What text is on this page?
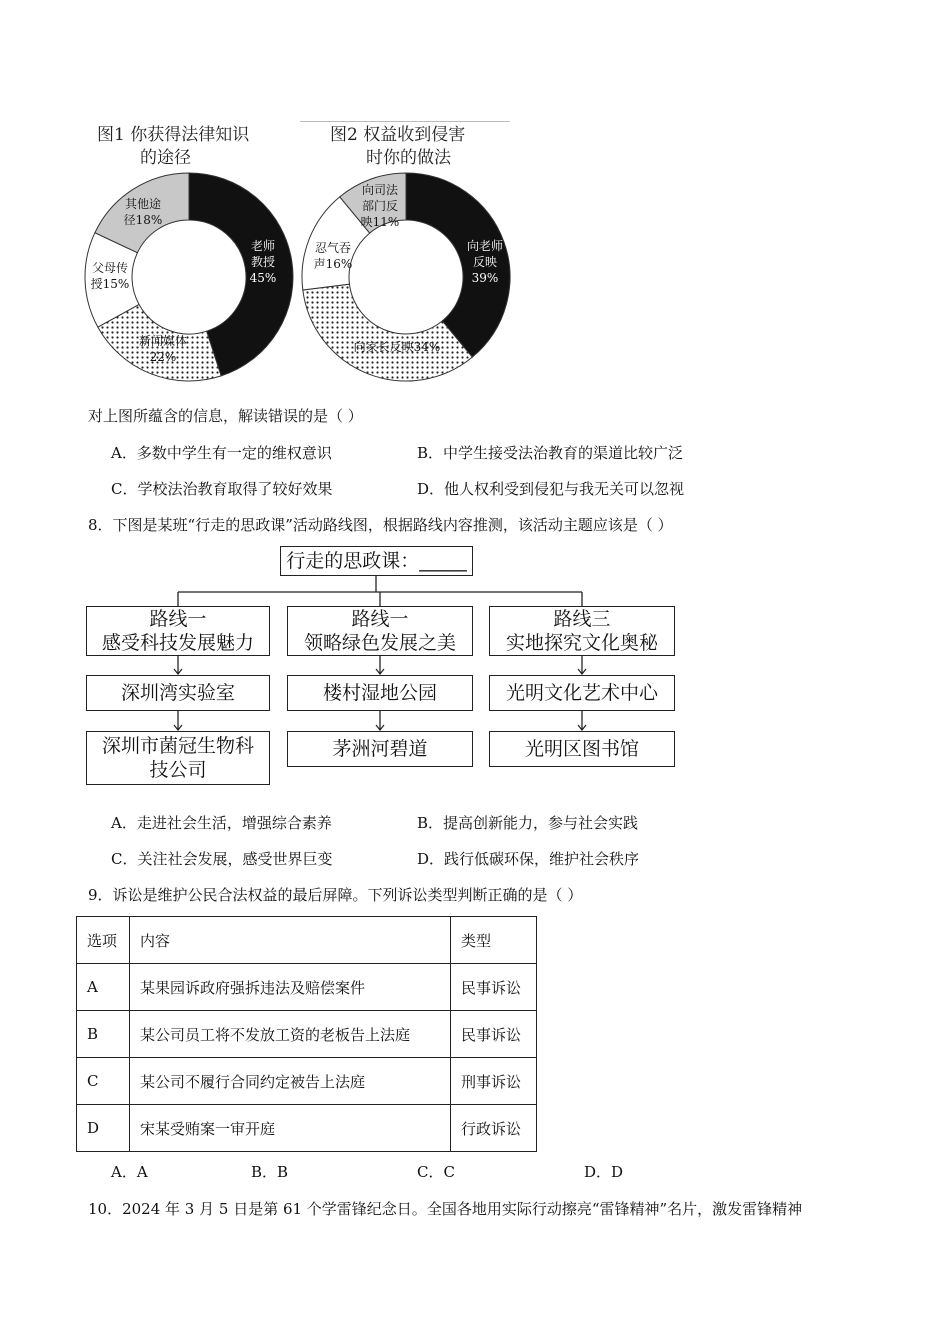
图1 你获得法律知识
的途径
图2 权益收到侵害
时你的做法
老师教授 45%
新闻媒体 22%
父母传授15%
其他途径18%
向老师反映 39%
向家长反映34%
忍气吞声16%
向司法部门反映11%
对上图所蕴含的信息，解读错误的是（ ）
A．多数中学生有一定的维权意识	B．中学生接受法治教育的渠道比较广泛
C．学校法治教育取得了较好效果	D．他人权利受到侵犯与我无关可以忽视
8．下图是某班“行走的思政课”活动路线图，根据路线内容推测，该活动主题应该是（ ）
行走的思政课：_____
路线一
感受科技发展魅力
路线一
领略绿色发展之美
路线三
实地探究文化奥秘
深圳湾实验室	楼村湿地公园	光明文化艺术中心
深圳市菌冠生物科技公司
茅洲河碧道	光明区图书馆
A．走进社会生活，增强综合素养	B．提高创新能力，参与社会实践
C．关注社会发展，感受世界巨变	D．践行低碳环保，维护社会秩序
9．诉讼是维护公民合法权益的最后屏障。下列诉讼类型判断正确的是（ ）
选项	内容	类型
A	某果园诉政府强拆违法及赔偿案件	民事诉讼
B	某公司员工将不发放工资的老板告上法庭	民事诉讼
C	某公司不履行合同约定被告上法庭	刑事诉讼
D	宋某受贿案一审开庭	行政诉讼
A．A	B．B	C．C	D．D
10．2024 年 3 月 5 日是第 61 个学雷锋纪念日。全国各地用实际行动擦亮“雷锋精神”名片，激发雷锋精神
